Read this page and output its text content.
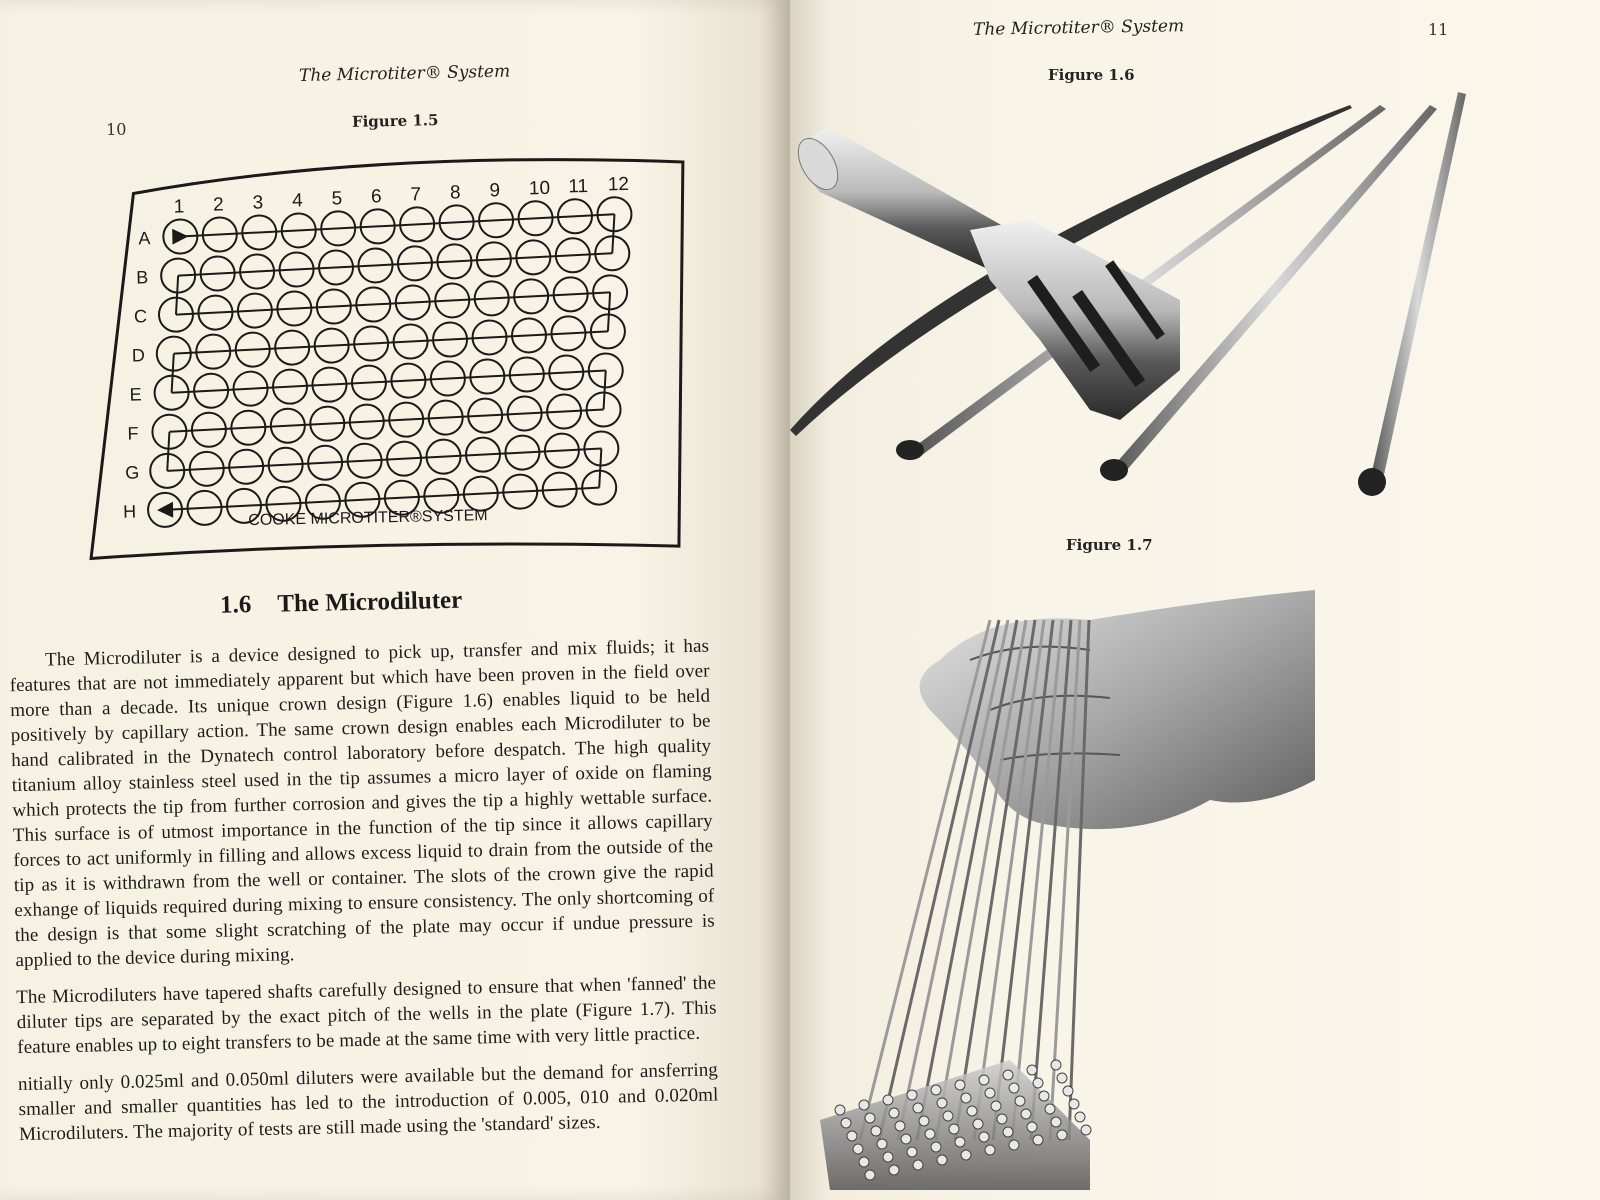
The Microtiter® System
10	Figure 1.5
1 2 3 4 5 6 7 8 9 10 11 12
A
B
C
D
E
F
G
H	COOKE MICROTITER®SYSTEM
1.6 The Microdiluter

The Microdiluter is a device designed to pick up, transfer and mix fluids; it has features that are not immediately apparent but which have been proven in the field over more than a decade. Its unique crown design (Figure 1.6) enables liquid to be held positively by capillary action. The same crown design enables each Microdiluter to be hand calibrated in the Dynatech control laboratory before despatch. The high quality titanium alloy stainless steel used in the tip assumes a micro layer of oxide on flaming which protects the tip from further corrosion and gives the tip a highly wettable surface. This surface is of utmost importance in the function of the tip since it allows capillary forces to act uniformly in filling and allows excess liquid to drain from the outside of the tip as it is withdrawn from the well or container. The slots of the crown give the rapid exhange of liquids required during mixing to ensure consistency. The only shortcoming of the design is that some slight scratching of the plate may occur if undue pressure is applied to the device during mixing.

The Microdiluters have tapered shafts carefully designed to ensure that when 'fanned' the diluter tips are separated by the exact pitch of the wells in the plate (Figure 1.7). This feature enables up to eight transfers to be made at the same time with very little practice.

nitially only 0.025ml and 0.050ml diluters were available but the demand for ansferring smaller and smaller quantities has led to the introduction of 0.005, 010 and 0.020ml Microdiluters. The majority of tests are still made using the 'standard' sizes.

The Microtiter® System	11
Figure 1.6
Figure 1.7
